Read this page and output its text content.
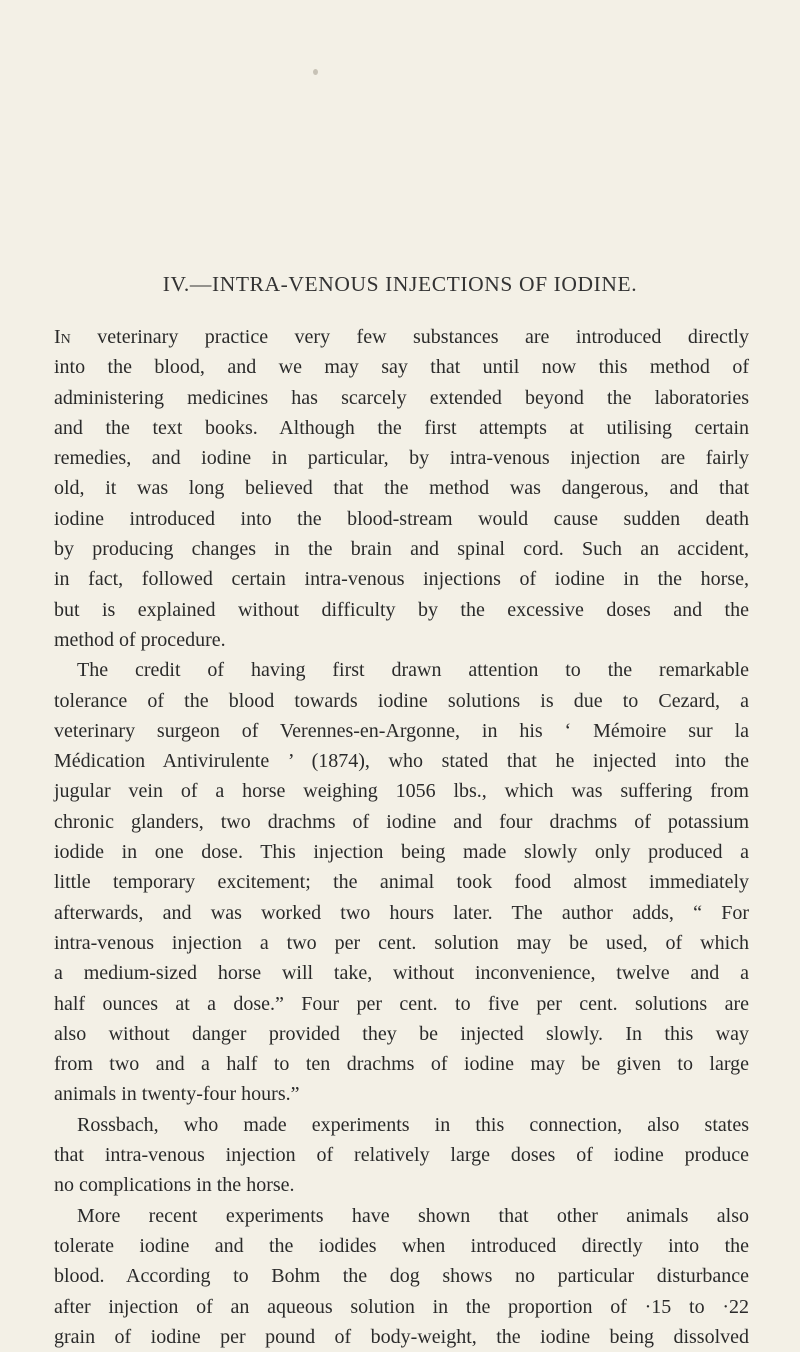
IV.—INTRA-VENOUS INJECTIONS OF IODINE.
In veterinary practice very few substances are introduced directly
into the blood, and we may say that until now this method of
administering medicines has scarcely extended beyond the laboratories
and the text books. Although the first attempts at utilising certain
remedies, and iodine in particular, by intra-venous injection are fairly
old, it was long believed that the method was dangerous, and that
iodine introduced into the blood-stream would cause sudden death
by producing changes in the brain and spinal cord. Such an accident,
in fact, followed certain intra-venous injections of iodine in the horse,
but is explained without difficulty by the excessive doses and the
method of procedure.
The credit of having first drawn attention to the remarkable
tolerance of the blood towards iodine solutions is due to Cezard, a
veterinary surgeon of Verennes-en-Argonne, in his ‘ Mémoire sur la
Médication Antivirulente ’ (1874), who stated that he injected into the
jugular vein of a horse weighing 1056 lbs., which was suffering from
chronic glanders, two drachms of iodine and four drachms of potassium
iodide in one dose. This injection being made slowly only produced a
little temporary excitement; the animal took food almost immediately
afterwards, and was worked two hours later. The author adds, “ For
intra-venous injection a two per cent. solution may be used, of which
a medium-sized horse will take, without inconvenience, twelve and a
half ounces at a dose.” Four per cent. to five per cent. solutions are
also without danger provided they be injected slowly. In this way
from two and a half to ten drachms of iodine may be given to large
animals in twenty-four hours.”
Rossbach, who made experiments in this connection, also states
that intra-venous injection of relatively large doses of iodine produce
no complications in the horse.
More recent experiments have shown that other animals also
tolerate iodine and the iodides when introduced directly into the
blood. According to Bohm the dog shows no particular disturbance
after injection of an aqueous solution in the proportion of ·15 to ·22
grain of iodine per pound of body-weight, the iodine being dissolved
